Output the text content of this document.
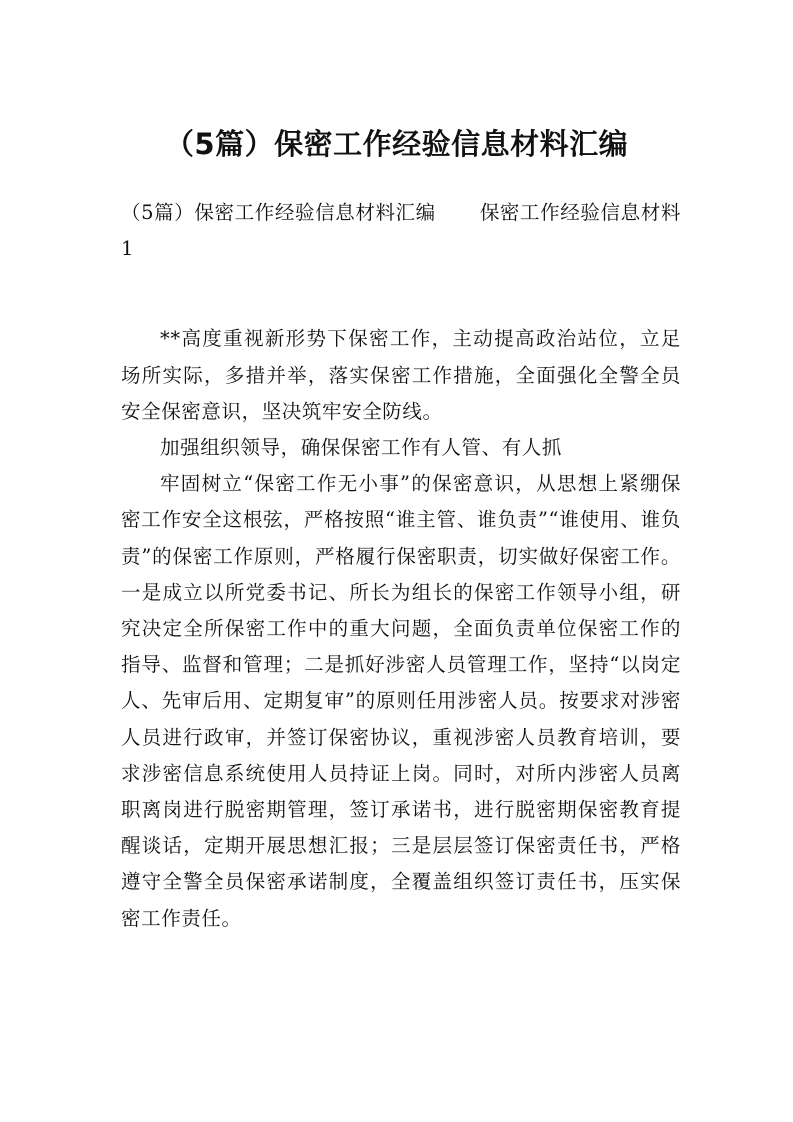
（5篇）保密工作经验信息材料汇编

（5篇）保密工作经验信息材料汇编 保密工作经验信息材料1

**高度重视新形势下保密工作，主动提高政治站位，立足场所实际，多措并举，落实保密工作措施，全面强化全警全员安全保密意识，坚决筑牢安全防线。

加强组织领导，确保保密工作有人管、有人抓

牢固树立“保密工作无小事”的保密意识，从思想上紧绷保密工作安全这根弦，严格按照“谁主管、谁负责”“谁使用、谁负责”的保密工作原则，严格履行保密职责，切实做好保密工作。一是成立以所党委书记、所长为组长的保密工作领导小组，研究决定全所保密工作中的重大问题，全面负责单位保密工作的指导、监督和管理；二是抓好涉密人员管理工作，坚持“以岗定人、先审后用、定期复审”的原则任用涉密人员。按要求对涉密人员进行政审，并签订保密协议，重视涉密人员教育培训，要求涉密信息系统使用人员持证上岗。同时，对所内涉密人员离职离岗进行脱密期管理，签订承诺书，进行脱密期保密教育提醒谈话，定期开展思想汇报；三是层层签订保密责任书，严格遵守全警全员保密承诺制度，全覆盖组织签订责任书，压实保密工作责任。
